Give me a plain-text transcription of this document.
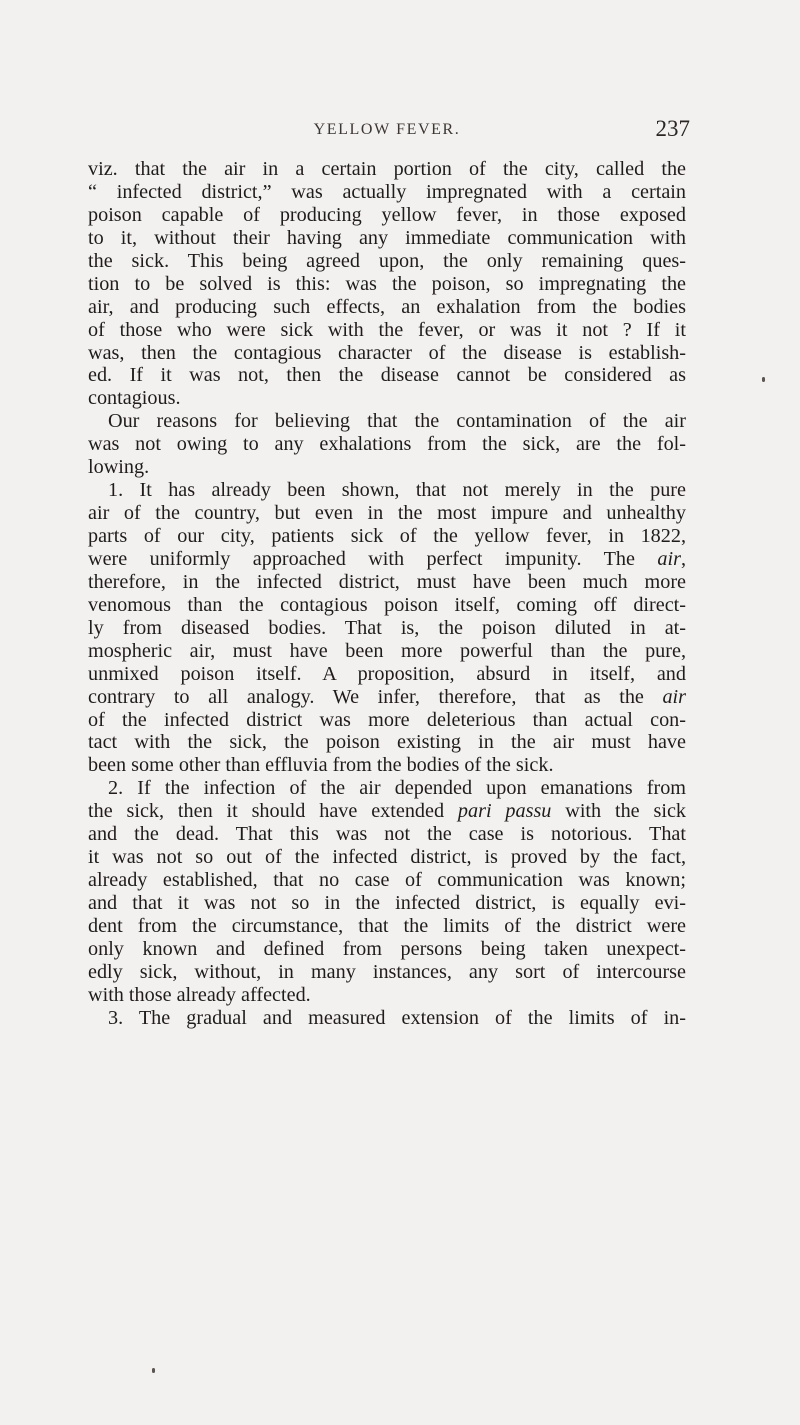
YELLOW FEVER.	237
viz. that the air in a certain portion of the city, called the
“ infected district,” was actually impregnated with a certain
poison capable of producing yellow fever, in those exposed
to it, without their having any immediate communication with
the sick. This being agreed upon, the only remaining ques-
tion to be solved is this: was the poison, so impregnating the
air, and producing such effects, an exhalation from the bodies
of those who were sick with the fever, or was it not ? If it
was, then the contagious character of the disease is establish-
ed. If it was not, then the disease cannot be considered as
contagious.
Our reasons for believing that the contamination of the air
was not owing to any exhalations from the sick, are the fol-
lowing.
1. It has already been shown, that not merely in the pure
air of the country, but even in the most impure and unhealthy
parts of our city, patients sick of the yellow fever, in 1822,
were uniformly approached with perfect impunity. The air,
therefore, in the infected district, must have been much more
venomous than the contagious poison itself, coming off direct-
ly from diseased bodies. That is, the poison diluted in at-
mospheric air, must have been more powerful than the pure,
unmixed poison itself. A proposition, absurd in itself, and
contrary to all analogy. We infer, therefore, that as the air
of the infected district was more deleterious than actual con-
tact with the sick, the poison existing in the air must have
been some other than effluvia from the bodies of the sick.
2. If the infection of the air depended upon emanations from
the sick, then it should have extended pari passu with the sick
and the dead. That this was not the case is notorious. That
it was not so out of the infected district, is proved by the fact,
already established, that no case of communication was known;
and that it was not so in the infected district, is equally evi-
dent from the circumstance, that the limits of the district were
only known and defined from persons being taken unexpect-
edly sick, without, in many instances, any sort of intercourse
with those already affected.
3. The gradual and measured extension of the limits of in-
